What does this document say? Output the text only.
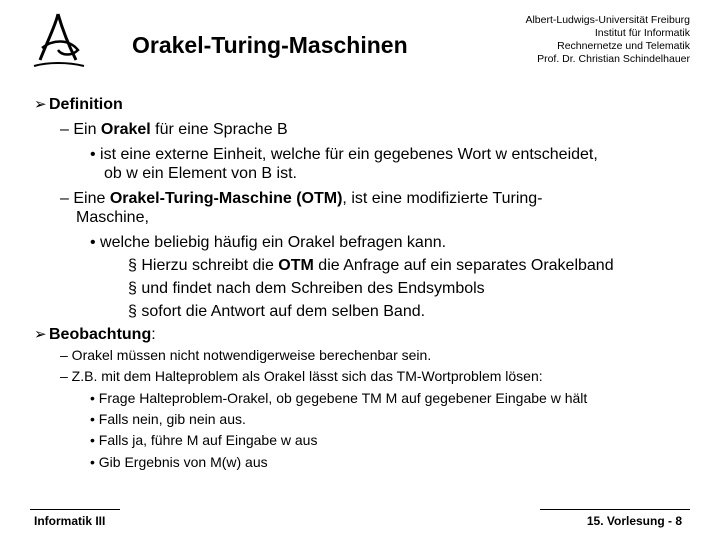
Orakel-Turing-Maschinen
Albert-Ludwigs-Universität Freiburg
Institut für Informatik
Rechnernetze und Telematik
Prof. Dr. Christian Schindelhauer
➢ Definition
– Ein Orakel für eine Sprache B
• ist eine externe Einheit, welche für ein gegebenes Wort w entscheidet,
ob w ein Element von B ist.
– Eine Orakel-Turing-Maschine (OTM), ist eine modifizierte Turing-
Maschine,
• welche beliebig häufig ein Orakel befragen kann.
§ Hierzu schreibt die OTM die Anfrage auf ein separates Orakelband
§ und findet nach dem Schreiben des Endsymbols
§ sofort die Antwort auf dem selben Band.
➢ Beobachtung:
– Orakel müssen nicht notwendigerweise berechenbar sein.
– Z.B. mit dem Halteproblem als Orakel lässt sich das TM-Wortproblem lösen:
• Frage Halteproblem-Orakel, ob gegebene TM M auf gegebener Eingabe w hält
• Falls nein, gib nein aus.
• Falls ja, führe M auf Eingabe w aus
• Gib Ergebnis von M(w) aus
Informatik III	15. Vorlesung - 8
